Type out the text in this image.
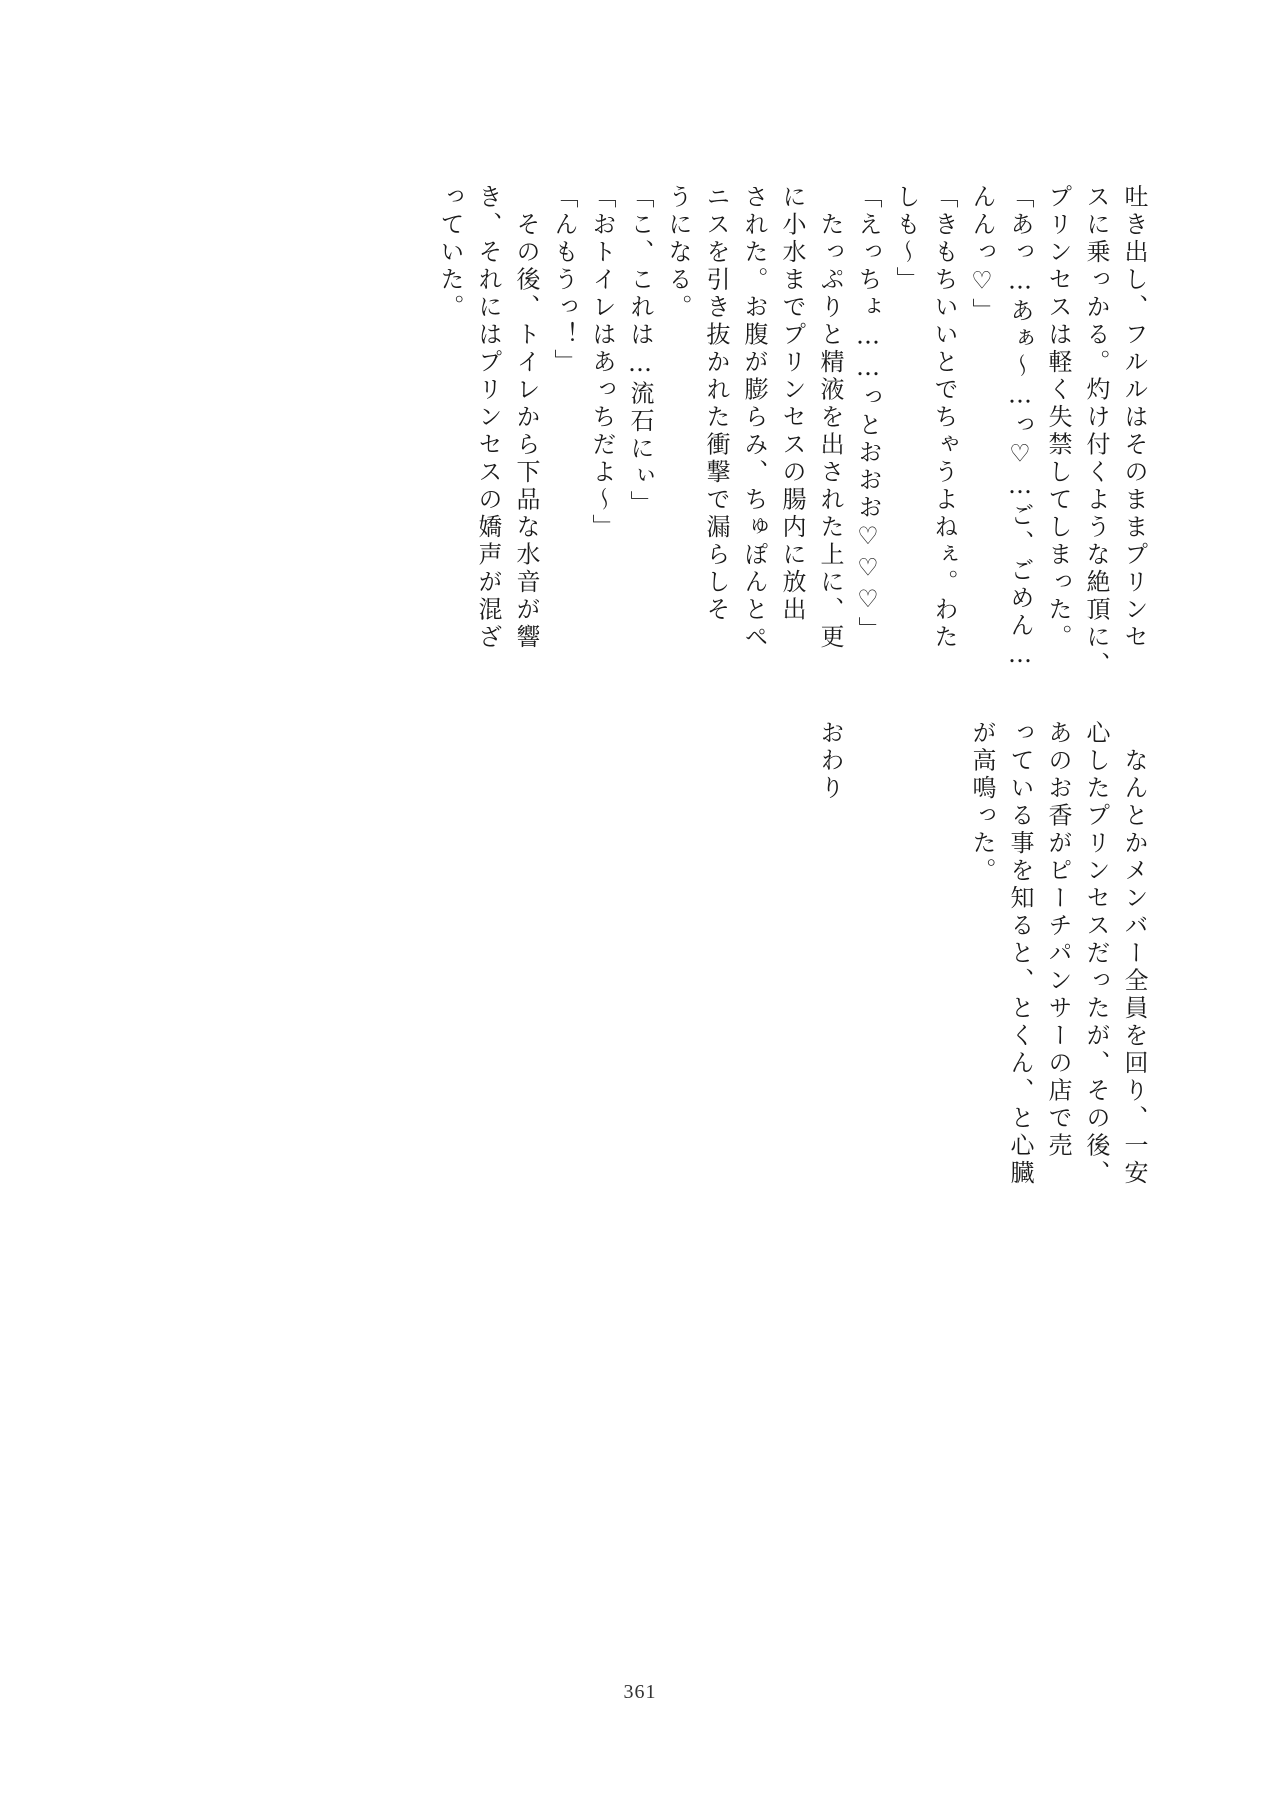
吐き出し、フルルはそのままプリンセ
スに乗っかる。灼け付くような絶頂に、
プリンセスは軽く失禁してしまった。
「あっ…あぁ～…っ♡…ご、ごめん…
んんっ♡」
「きもちいいとでちゃうよねぇ。わた
しも～」
「えっちょ……っとおおお♡♡♡」
　たっぷりと精液を出された上に、更
に小水までプリンセスの腸内に放出
された。お腹が膨らみ、ちゅぽんとペ
ニスを引き抜かれた衝撃で漏らしそ
うになる。
「こ、これは…流石にぃ」
「おトイレはあっちだよ～」
「んもうっ！」
　その後、トイレから下品な水音が響
き、それにはプリンセスの嬌声が混ざ
っていた。
　なんとかメンバー全員を回り、一安
心したプリンセスだったが、その後、
あのお香がピーチパンサーの店で売
っている事を知ると、とくん、と心臓
が高鳴った。
おわり
361
